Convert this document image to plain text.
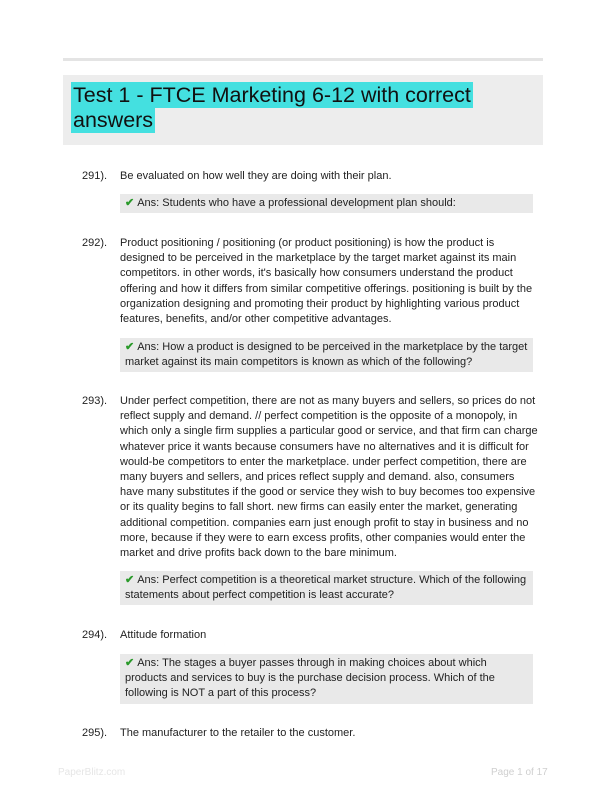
Test 1 - FTCE Marketing 6-12 with correct answers
291). Be evaluated on how well they are doing with their plan.

✔ Ans: Students who have a professional development plan should:
292). Product positioning / positioning (or product positioning) is how the product is designed to be perceived in the marketplace by the target market against its main competitors. in other words, it's basically how consumers understand the product offering and how it differs from similar competitive offerings. positioning is built by the organization designing and promoting their product by highlighting various product features, benefits, and/or other competitive advantages.

✔ Ans: How a product is designed to be perceived in the marketplace by the target market against its main competitors is known as which of the following?
293). Under perfect competition, there are not as many buyers and sellers, so prices do not reflect supply and demand. // perfect competition is the opposite of a monopoly, in which only a single firm supplies a particular good or service, and that firm can charge whatever price it wants because consumers have no alternatives and it is difficult for would-be competitors to enter the marketplace. under perfect competition, there are many buyers and sellers, and prices reflect supply and demand. also, consumers have many substitutes if the good or service they wish to buy becomes too expensive or its quality begins to fall short. new firms can easily enter the market, generating additional competition. companies earn just enough profit to stay in business and no more, because if they were to earn excess profits, other companies would enter the market and drive profits back down to the bare minimum.

✔ Ans: Perfect competition is a theoretical market structure. Which of the following statements about perfect competition is least accurate?
294). Attitude formation

✔ Ans: The stages a buyer passes through in making choices about which products and services to buy is the purchase decision process. Which of the following is NOT a part of this process?
295). The manufacturer to the retailer to the customer.

PaperBlitz.com	Page 1 of 17
